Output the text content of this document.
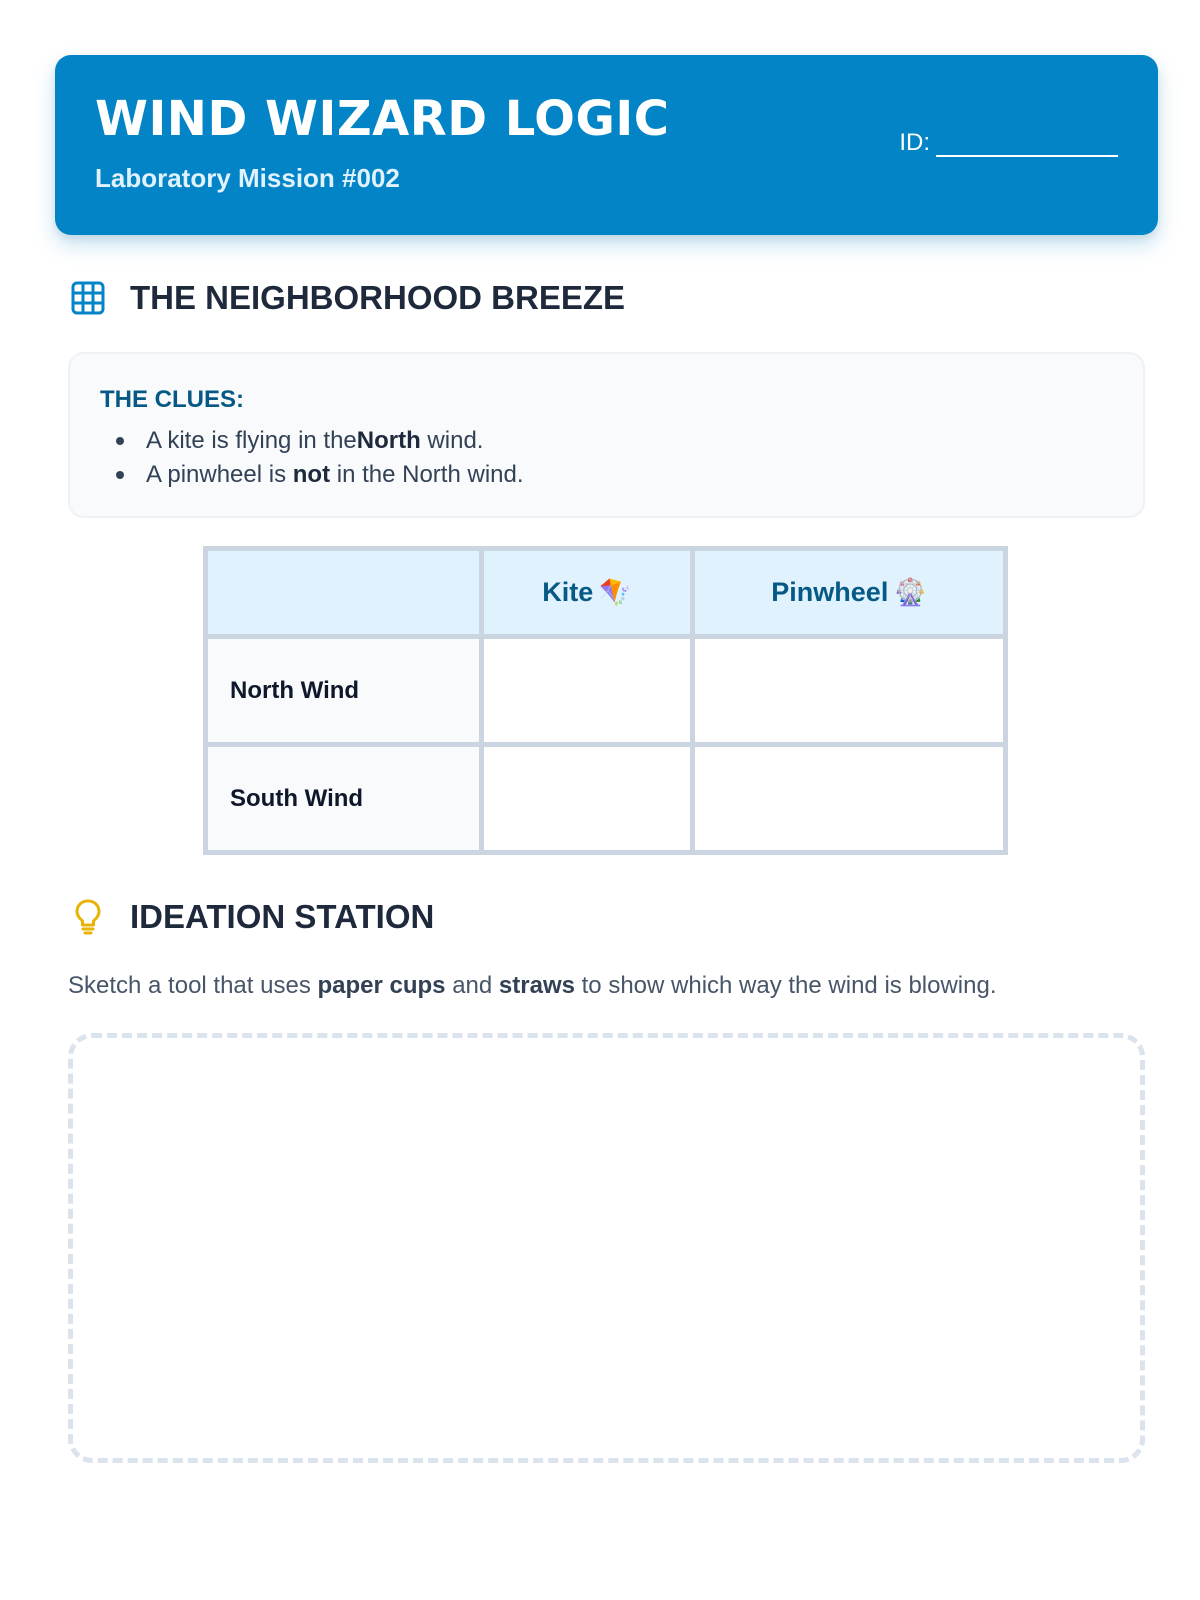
WIND WIZARD LOGIC
Laboratory Mission #002
ID:
THE NEIGHBORHOOD BREEZE
THE CLUES:
A kite is flying in the North wind.
A pinwheel is not in the North wind.
	Kite 🪁	Pinwheel 🎡
North Wind		
South Wind		
IDEATION STATION
Sketch a tool that uses paper cups and straws to show which way the wind is blowing.
